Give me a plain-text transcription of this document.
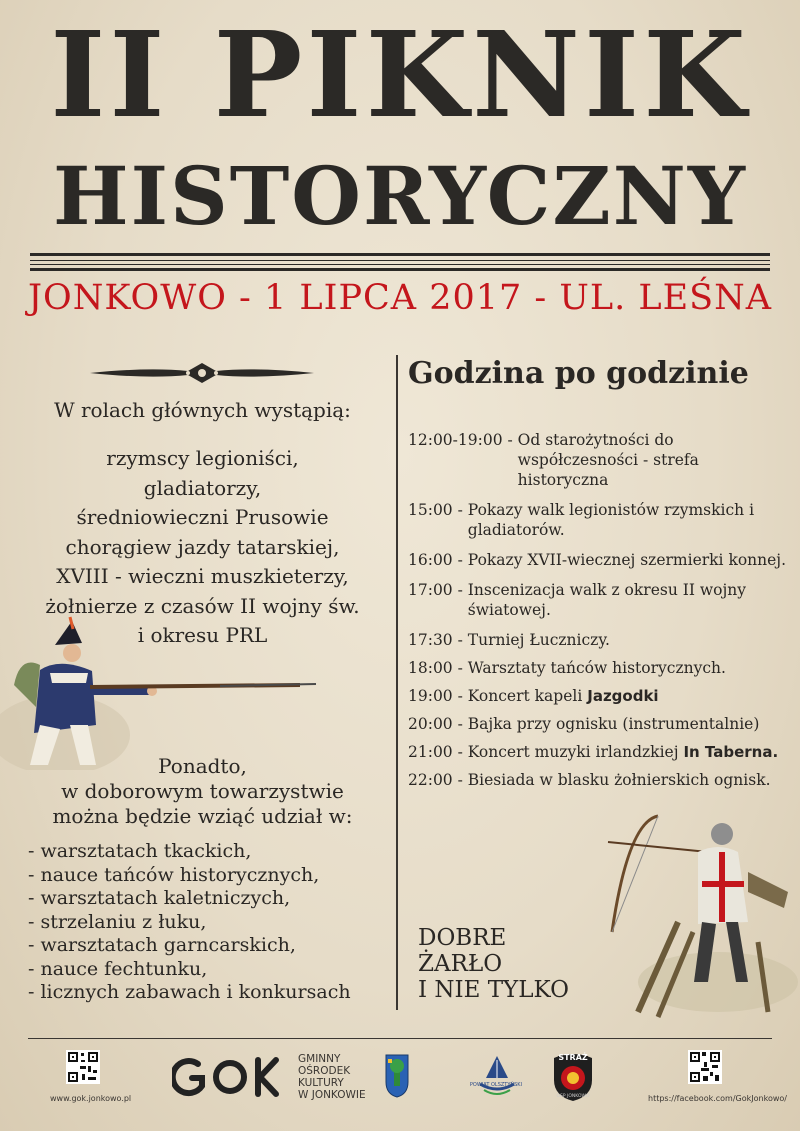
II PIKNIK
HISTORYCZNY
JONKOWO - 1 LIPCA 2017 - UL. LEŚNA

W rolach głównych wystąpią:

rzymscy legioniści,
gladiatorzy,
średniowieczni Prusowie
chorągiew jazdy tatarskiej,
XVIII - wieczni muszkieterzy,
żołnierze z czasów II wojny św.
i okresu PRL
Ponadto,
w doborowym towarzystwie
można będzie wziąć udział w:
- warsztatach tkackich,
- nauce tańców historycznych,
- warsztatach kaletniczych,
- strzelaniu z łuku,
- warsztatach garncarskich,
- nauce fechtunku,
- licznych zabawach i konkursach
Godzina po godzinie
12:00-19:00 - Od starożytności do współczesności - strefa historyczna
15:00 - Pokazy walk legionistów rzymskich i gladiatorów.
16:00 - Pokazy XVII-wiecznej szermierki konnej.
17:00 - Inscenizacja walk z okresu II wojny światowej.
17:30 - Turniej Łuczniczy.
18:00 - Warsztaty tańców historycznych.
19:00 - Koncert kapeli Jazgodki
20:00 - Bajka przy ognisku (instrumentalnie)
21:00 - Koncert muzyki irlandzkiej In Taberna.
22:00 - Biesiada w blasku żołnierskich ognisk.
DOBRE
ŻARŁO
I NIE TYLKO
www.gok.jonkowo.pl
GMINNY
OŚRODEK
KULTURY
W JONKOWIE
POWIAT OLSZTYŃSKI
STRAŻ
OSP JONKOWO	https://facebook.com/GokJonkowo/
